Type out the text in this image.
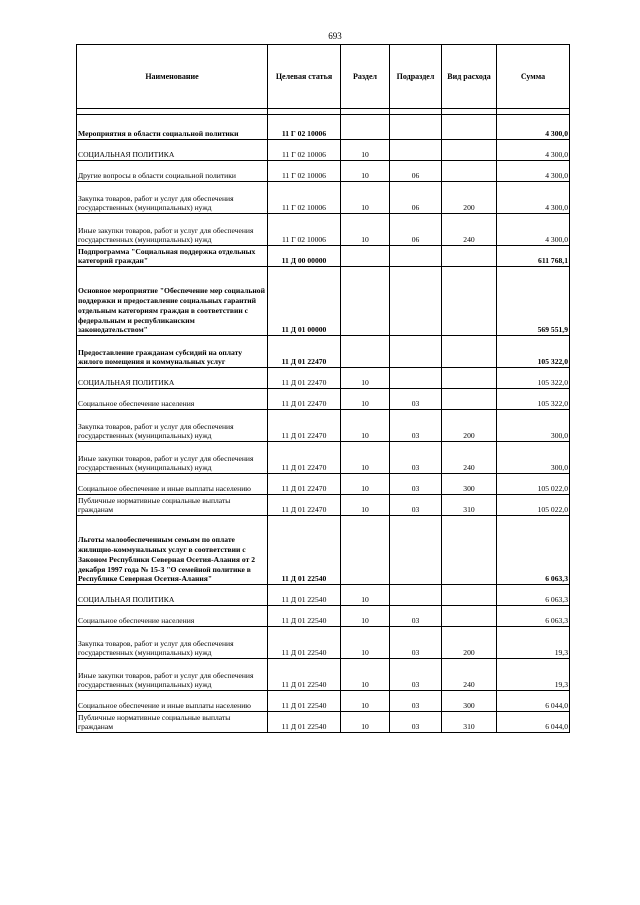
693
Наименование	Целевая статья	Раздел	Подраздел	Вид расхода	Сумма

Мероприятия в области социальной политики	11 Г 02 10006				4 300,0
СОЦИАЛЬНАЯ ПОЛИТИКА	11 Г 02 10006	10			4 300,0
Другие вопросы в области социальной политики	11 Г 02 10006	10	06		4 300,0
Закупка товаров, работ и услуг для обеспечения государственных (муниципальных) нужд	11 Г 02 10006	10	06	200	4 300,0
Иные закупки товаров, работ и услуг для обеспечения государственных (муниципальных) нужд	11 Г 02 10006	10	06	240	4 300,0
Подпрограмма "Социальная поддержка отдельных категорий граждан"	11 Д 00 00000				611 768,1
Основное мероприятие "Обеспечение мер социальной поддержки и предоставление социальных гарантий отдельным категориям граждан в соответствии с федеральным и республиканским законодательством"	11 Д 01 00000				569 551,9
Предоставление гражданам субсидий на оплату жилого помещения и коммунальных услуг	11 Д 01 22470				105 322,0
СОЦИАЛЬНАЯ ПОЛИТИКА	11 Д 01 22470	10			105 322,0
Социальное обеспечение населения	11 Д 01 22470	10	03		105 322,0
Закупка товаров, работ и услуг для обеспечения государственных (муниципальных) нужд	11 Д 01 22470	10	03	200	300,0
Иные закупки товаров, работ и услуг для обеспечения государственных (муниципальных) нужд	11 Д 01 22470	10	03	240	300,0
Социальное обеспечение и иные выплаты населению	11 Д 01 22470	10	03	300	105 022,0
Публичные нормативные социальные выплаты гражданам	11 Д 01 22470	10	03	310	105 022,0
Льготы малообеспеченным семьям по оплате жилищно-коммунальных услуг в соответствии с Законом Республики Северная Осетия-Алания от 2 декабря 1997 года № 15-З "О семейной политике в Республике Северная Осетия-Алания"	11 Д 01 22540				6 063,3
СОЦИАЛЬНАЯ ПОЛИТИКА	11 Д 01 22540	10			6 063,3
Социальное обеспечение населения	11 Д 01 22540	10	03		6 063,3
Закупка товаров, работ и услуг для обеспечения государственных (муниципальных) нужд	11 Д 01 22540	10	03	200	19,3
Иные закупки товаров, работ и услуг для обеспечения государственных (муниципальных) нужд	11 Д 01 22540	10	03	240	19,3
Социальное обеспечение и иные выплаты населению	11 Д 01 22540	10	03	300	6 044,0
Публичные нормативные социальные выплаты гражданам	11 Д 01 22540	10	03	310	6 044,0
